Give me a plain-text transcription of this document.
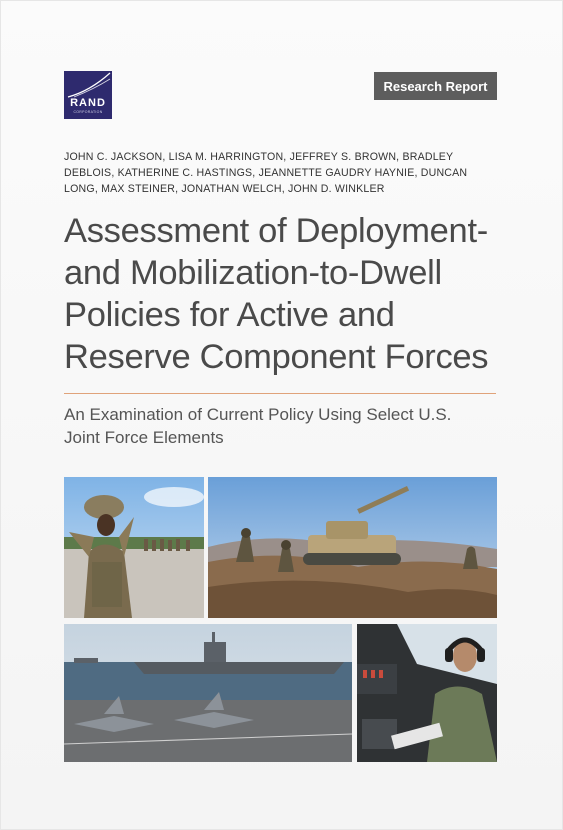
RAND
CORPORATION
Research Report
JOHN C. JACKSON, LISA M. HARRINGTON, JEFFREY S. BROWN, BRADLEY
DEBLOIS, KATHERINE C. HASTINGS, JEANNETTE GAUDRY HAYNIE, DUNCAN
LONG, MAX STEINER, JONATHAN WELCH, JOHN D. WINKLER
Assessment of Deployment-
and Mobilization-to-Dwell
Policies for Active and
Reserve Component Forces
An Examination of Current Policy Using Select U.S.
Joint Force Elements
